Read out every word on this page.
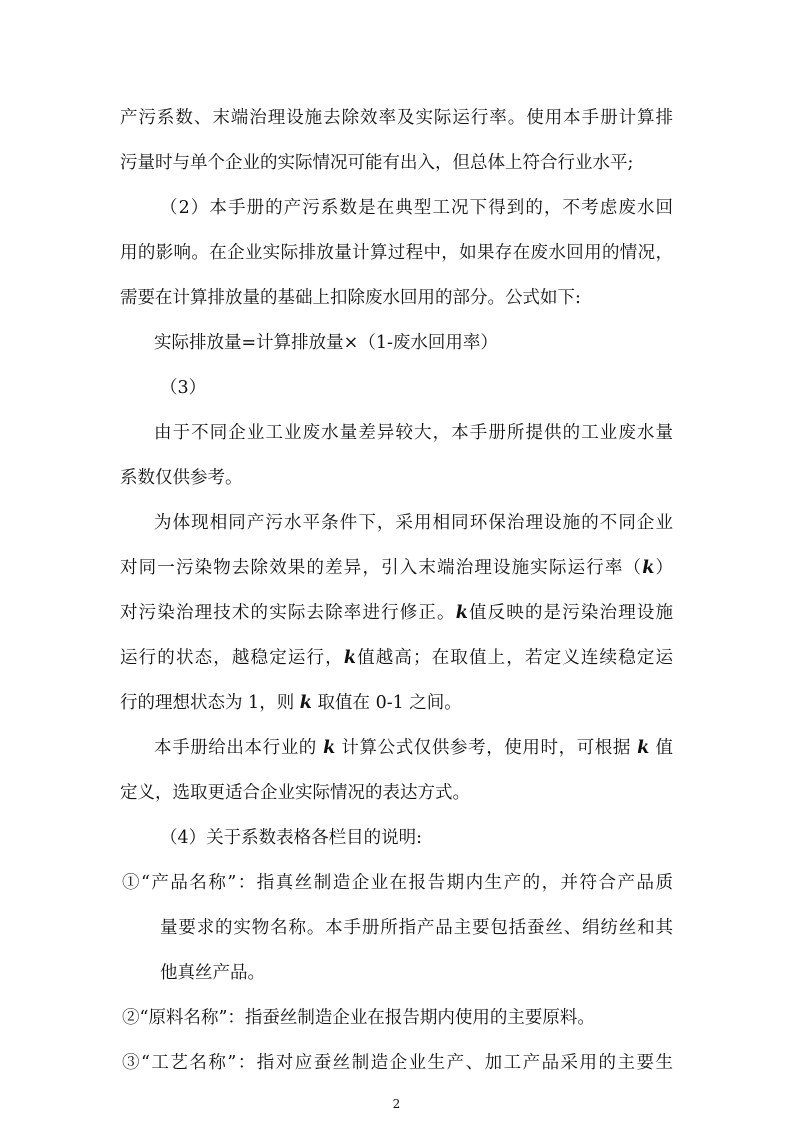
产污系数、末端治理设施去除效率及实际运行率。使用本手册计算排
污量时与单个企业的实际情况可能有出入，但总体上符合行业水平;
（2）本手册的产污系数是在典型工况下得到的，不考虑废水回
用的影响。在企业实际排放量计算过程中，如果存在废水回用的情况，
需要在计算排放量的基础上扣除废水回用的部分。公式如下:
实际排放量=计算排放量×（1-废水回用率）
（3）
由于不同企业工业废水量差异较大，本手册所提供的工业废水量
系数仅供参考。
为体现相同产污水平条件下，采用相同环保治理设施的不同企业
对同一污染物去除效果的差异，引入末端治理设施实际运行率（k）
对污染治理技术的实际去除率进行修正。k值反映的是污染治理设施
运行的状态，越稳定运行，k值越高；在取值上，若定义连续稳定运
行的理想状态为 1，则 k 取值在 0-1 之间。
本手册给出本行业的 k 计算公式仅供参考，使用时，可根据 k 值
定义，选取更适合企业实际情况的表达方式。
（4）关于系数表格各栏目的说明:
①“产品名称”：指真丝制造企业在报告期内生产的，并符合产品质
量要求的实物名称。本手册所指产品主要包括蚕丝、绢纺丝和其
他真丝产品。
②“原料名称”：指蚕丝制造企业在报告期内使用的主要原料。
③“工艺名称”：指对应蚕丝制造企业生产、加工产品采用的主要生
2
